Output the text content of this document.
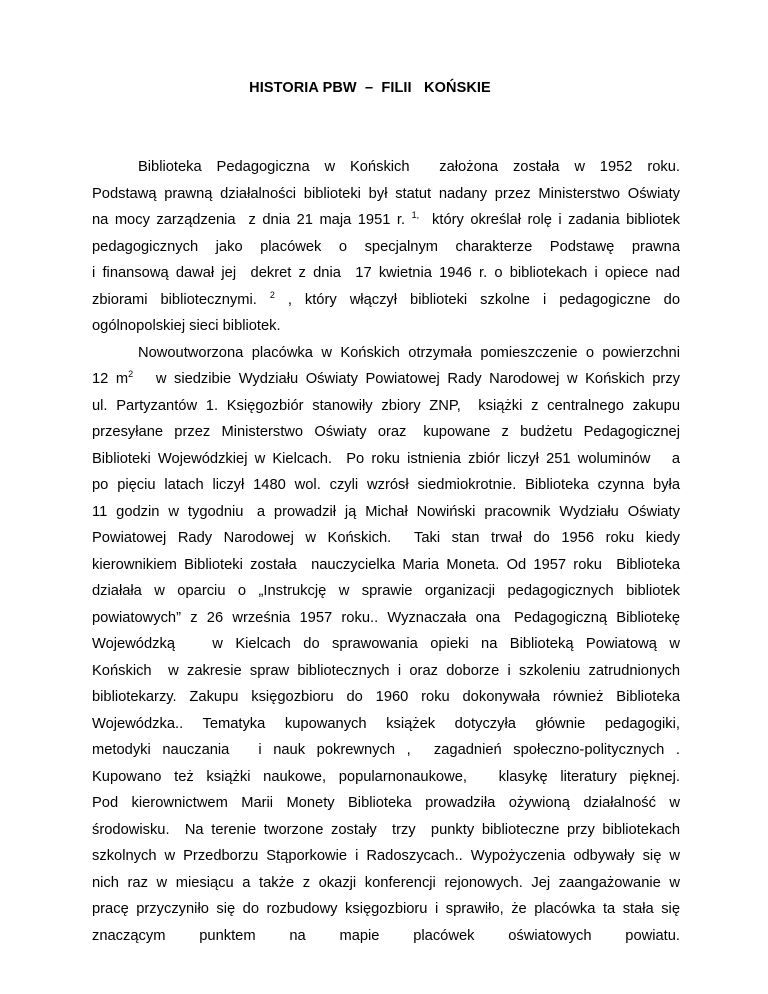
HISTORIA PBW  –  FILII   KOŃSKIE
Biblioteka  Pedagogiczna  w  Końskich    założona  została  w  1952  roku.
Podstawą prawną działalności biblioteki był statut nadany przez Ministerstwo Oświaty
na mocy zarządzenia  z dnia 21 maja 1951 r. $^{1,}$  który określał rolę i zadania bibliotek
pedagogicznych  jako  placówek  o  specjalnym  charakterze  Podstawę  prawna
i finansową dawał jej  dekret z dnia  17 kwietnia 1946 r. o bibliotekach i opiece nad
zbiorami  bibliotecznymi.  $^2$  ,  który  włączył  biblioteki  szkolne  i  pedagogiczne  do
ogólnopolskiej sieci bibliotek.
Nowoutworzona placówka w Końskich otrzymała pomieszczenie o powierzchni
12 $m^2$   w siedzibie Wydziału Oświaty Powiatowej Rady Narodowej w Końskich przy
ul. Partyzantów 1. Księgozbiór stanowiły zbiory ZNP,  książki z centralnego zakupu
przesyłane  przez  Ministerstwo  Oświaty  oraz   kupowane  z  budżetu  Pedagogicznej
Biblioteki Wojewódzkiej w Kielcach.  Po roku istnienia zbiór liczył 251 woluminów   a
po pięciu latach liczył 1480 wol. czyli wzrósł siedmiokrotnie. Biblioteka czynna była
11  godzin  w  tygodniu   a  prowadził  ją  Michał  Nowiński  pracownik  Wydziału  Oświaty
Powiatowej  Rady  Narodowej  w  Końskich.    Taki  stan  trwał  do  1956  roku  kiedy
kierownikiem Biblioteki została  nauczycielka Maria Moneta. Od 1957 roku  Biblioteka
działała  w  oparciu  o  „Instrukcję  w  sprawie  organizacji  pedagogicznych  bibliotek
powiatowych”  z  26  września  1957  roku..  Wyznaczała  ona   Pedagogiczną  Bibliotekę
Wojewódzką      w  Kielcach  do  sprawowania  opieki  na  Biblioteką  Powiatową  w
Końskich  w zakresie spraw bibliotecznych i oraz doborze i szkoleniu zatrudnionych
bibliotekarzy.  Zakupu  księgozbioru  do  1960  roku  dokonywała  również  Biblioteka
Wojewódzka..  Tematyka  kupowanych  książek  dotyczyła  głównie  pedagogiki,
metodyki  nauczania     i  nauk  pokrewnych  ,    zagadnień  społeczno-politycznych  .
Kupowano  też  książki  naukowe,  popularnonaukowe,     klasykę  literatury  pięknej.
Pod  kierownictwem  Marii  Monety  Biblioteka  prowadziła  ożywioną  działalność  w
środowisku.  Na terenie tworzone zostały  trzy  punkty biblioteczne przy bibliotekach
szkolnych w Przedborzu Stąporkowie i Radoszycach.. Wypożyczenia odbywały się w
nich  raz  w  miesiącu  a  także  z  okazji  konferencji  rejonowych.  Jej  zaangażowanie  w
pracę przyczyniło się do rozbudowy księgozbioru i sprawiło, że placówka ta stała się
znaczącym        punktem        na        mapie        placówek        oświatowych        powiatu.
